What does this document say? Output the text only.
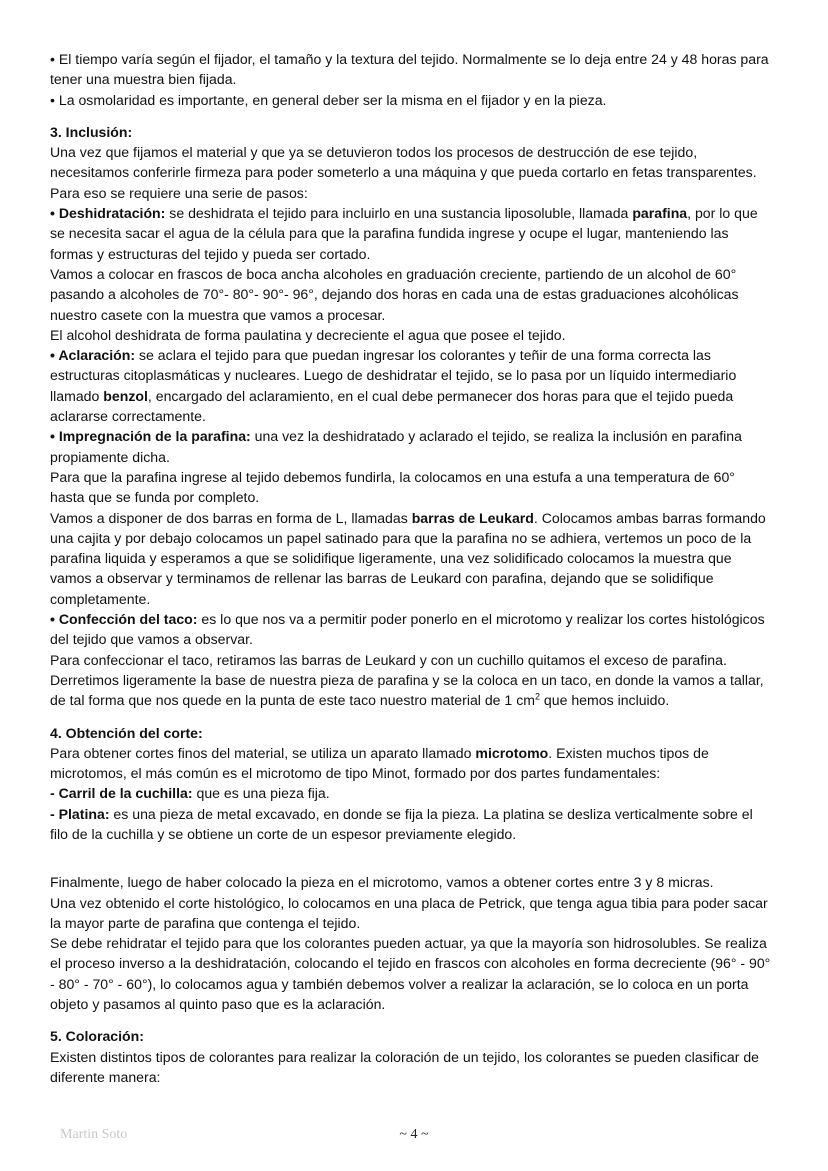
• El tiempo varía según el fijador, el tamaño y la textura del tejido. Normalmente se lo deja entre 24 y 48 horas para tener una muestra bien fijada.

• La osmolaridad es importante, en general deber ser la misma en el fijador y en la pieza.

3. Inclusión:

Una vez que fijamos el material y que ya se detuvieron todos los procesos de destrucción de ese tejido, necesitamos conferirle firmeza para poder someterlo a una máquina y que pueda cortarlo en fetas transparentes. Para eso se requiere una serie de pasos:

• Deshidratación: se deshidrata el tejido para incluirlo en una sustancia liposoluble, llamada parafina, por lo que se necesita sacar el agua de la célula para que la parafina fundida ingrese y ocupe el lugar, manteniendo las formas y estructuras del tejido y pueda ser cortado.

Vamos a colocar en frascos de boca ancha alcoholes en graduación creciente, partiendo de un alcohol de 60° pasando a alcoholes de 70°- 80°- 90°- 96°, dejando dos horas en cada una de estas graduaciones alcohólicas nuestro casete con la muestra que vamos a procesar.

El alcohol deshidrata de forma paulatina y decreciente el agua que posee el tejido.

• Aclaración: se aclara el tejido para que puedan ingresar los colorantes y teñir de una forma correcta las estructuras citoplasmáticas y nucleares. Luego de deshidratar el tejido, se lo pasa por un líquido intermediario llamado benzol, encargado del aclaramiento, en el cual debe permanecer dos horas para que el tejido pueda aclararse correctamente.

• Impregnación de la parafina: una vez la deshidratado y aclarado el tejido, se realiza la inclusión en parafina propiamente dicha.

Para que la parafina ingrese al tejido debemos fundirla, la colocamos en una estufa a una temperatura de 60° hasta que se funda por completo.

Vamos a disponer de dos barras en forma de L, llamadas barras de Leukard. Colocamos ambas barras formando una cajita y por debajo colocamos un papel satinado para que la parafina no se adhiera, vertemos un poco de la parafina liquida y esperamos a que se solidifique ligeramente, una vez solidificado colocamos la muestra que vamos a observar y terminamos de rellenar las barras de Leukard con parafina, dejando que se solidifique completamente.

• Confección del taco: es lo que nos va a permitir poder ponerlo en el microtomo y realizar los cortes histológicos del tejido que vamos a observar.

Para confeccionar el taco, retiramos las barras de Leukard y con un cuchillo quitamos el exceso de parafina. Derretimos ligeramente la base de nuestra pieza de parafina y se la coloca en un taco, en donde la vamos a tallar, de tal forma que nos quede en la punta de este taco nuestro material de 1 $cm^2$ que hemos incluido.

4. Obtención del corte:

Para obtener cortes finos del material, se utiliza un aparato llamado microtomo. Existen muchos tipos de microtomos, el más común es el microtomo de tipo Minot, formado por dos partes fundamentales:

- Carril de la cuchilla: que es una pieza fija.

- Platina: es una pieza de metal excavado, en donde se fija la pieza. La platina se desliza verticalmente sobre el filo de la cuchilla y se obtiene un corte de un espesor previamente elegido.

Finalmente, luego de haber colocado la pieza en el microtomo, vamos a obtener cortes entre 3 y 8 micras.

Una vez obtenido el corte histológico, lo colocamos en una placa de Petrick, que tenga agua tibia para poder sacar la mayor parte de parafina que contenga el tejido.

Se debe rehidratar el tejido para que los colorantes pueden actuar, ya que la mayoría son hidrosolubles. Se realiza el proceso inverso a la deshidratación, colocando el tejido en frascos con alcoholes en forma decreciente (96° - 90° - 80° - 70° - 60°), lo colocamos agua y también debemos volver a realizar la aclaración, se lo coloca en un porta objeto y pasamos al quinto paso que es la aclaración.

5. Coloración:

Existen distintos tipos de colorantes para realizar la coloración de un tejido, los colorantes se pueden clasificar de diferente manera:

Martin Soto	~ 4 ~
